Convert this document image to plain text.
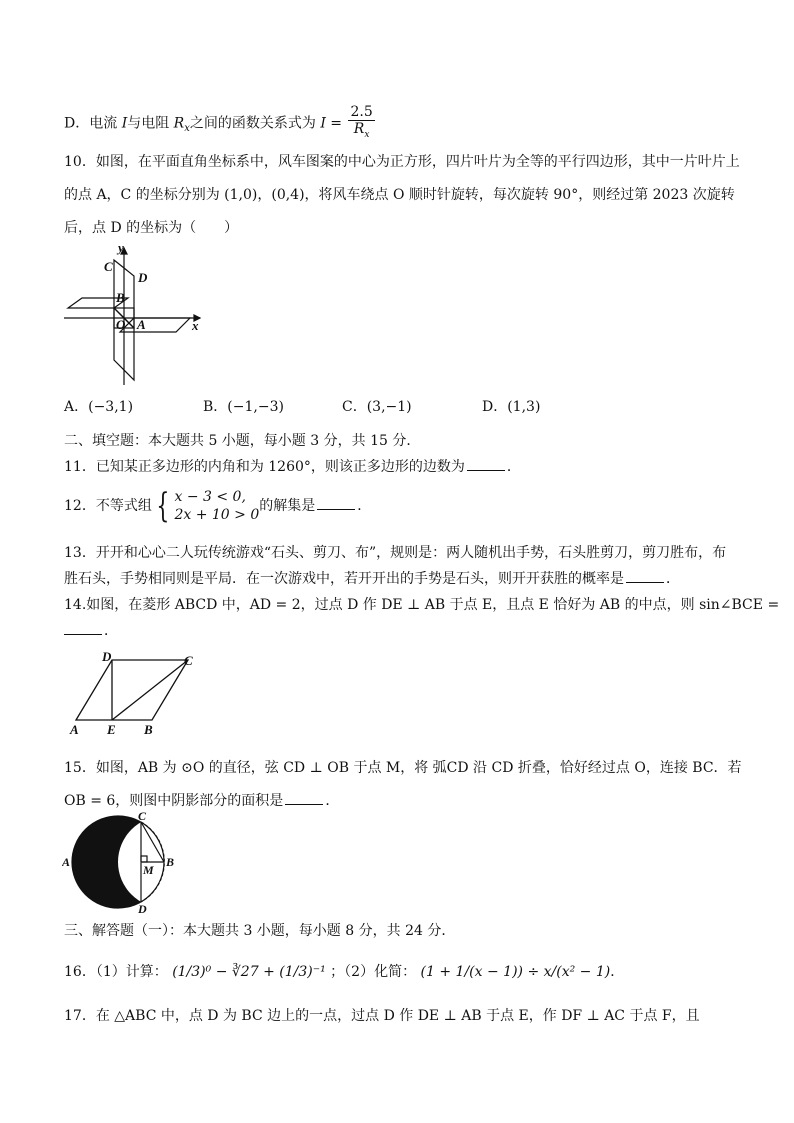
D．电流 I与电阻 $R_x$之间的函数关系式为 $I = \frac{2.5}{R_x}$
10．如图，在平面直角坐标系中，风车图案的中心为正方形，四片叶片为全等的平行四边形，其中一片叶片上
的点 A，C 的坐标分别为 (1,0)，(0,4)，将风车绕点 O 顺时针旋转，每次旋转 90°，则经过第 2023 次旋转
后，点 D 的坐标为（　　）
y
x
C
D
B
O A
A．(−3,1)	B．(−1,−3)	C．(3,−1)	D．(1,3)
二、填空题：本大题共 5 小题，每小题 3 分，共 15 分．
11．已知某正多边形的内角和为 1260°，则该正多边形的边数为	．
12．不等式组 { x − 3 < 0,
2x + 10 > 0
的解集是	．
13．开开和心心二人玩传统游戏“石头、剪刀、布”，规则是：两人随机出手势，石头胜剪刀，剪刀胜布，布
胜石头，手势相同则是平局．在一次游戏中，若开开出的手势是石头，则开开获胜的概率是	．
14.如图，在菱形 ABCD 中，AD = 2，过点 D 作 DE ⊥ AB 于点 E，且点 E 恰好为 AB 的中点，则 sin∠BCE =
．
D	C
A E B
15．如图，AB 为 ⊙O 的直径，弦 CD ⊥ OB 于点 M，将 弧CD 沿 CD 折叠，恰好经过点 O，连接 BC．若
OB = 6，则图中阴影部分的面积是	．
C
A	B
M
D
三、解答题（一）：本大题共 3 小题，每小题 8 分，共 24 分．
16．（1）计算： (1/3)⁰ − ∛27 + (1/3)⁻¹ ；（2）化简： (1 + 1/(x − 1)) ÷ x/(x² − 1)．
17．在 △ABC 中，点 D 为 BC 边上的一点，过点 D 作 DE ⊥ AB 于点 E，作 DF ⊥ AC 于点 F，且
